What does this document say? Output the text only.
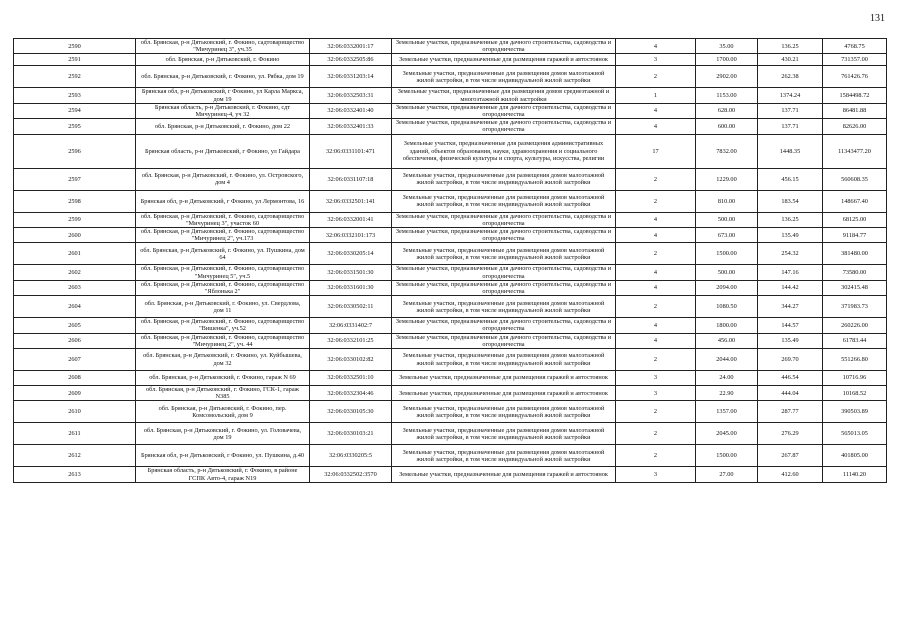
131
2590	обл. Брянская, р-н Дятьковский, г. Фокино, садтоварищество "Мичуринец 3", уч.35	32:06:0332001:17	Земельные участки, предназначенные для дачного строительства, садоводства и огородничества	4	35.00	136.25	4768.75
2591	обл. Брянская, р-н Дятьковский, г. Фокино	32:06:0332505:86	Земельные участки, предназначенные для размещения гаражей и автостоянок	3	1700.00	430.21	731357.00
2592	обл. Брянская, р-н Дятьковский, г. Фокино, ул. Рябка, дом 19	32:06:0331203:14	Земельные участки, предназначенные для размещения домов малоэтажной жилой застройки, в том числе индивидуальной жилой застройки	2	2902.00	262.38	761426.76
2593	Брянская обл, р-н Дятьковский, г Фокино, ул Карла Маркса, дом 19	32:06:0332503:31	Земельные участки, предназначенные для размещения домов среднеэтажной и многоэтажной жилой застройки	1	1153.00	1374.24	1584498.72
2594	Брянская область, р-н Дятьковский, г. Фокино, сдт Мичуринец-4, уч 32	32:06:0332401:40	Земельные участки, предназначенные для дачного строительства, садоводства и огородничества	4	628.00	137.71	86481.88
2595	обл. Брянская, р-н Дятьковский, г. Фокино, дом 22	32:06:0332401:33	Земельные участки, предназначенные для дачного строительства, садоводства и огородничества	4	600.00	137.71	82626.00
2596	Брянская область, р-н Дятьковский, г Фокино, ул Гайдара	32:06:0331101:471	Земельные участки, предназначенные для размещения административных зданий, объектов образования, науки, здравоохранения и социального обеспечения, физической культуры и спорта, культуры, искусства, религии	17	7832.00	1448.35	11343477.20
2597	обл. Брянская, р-н Дятьковский, г. Фокино, ул. Островского, дом 4	32:06:0331107:18	Земельные участки, предназначенные для размещения домов малоэтажной жилой застройки, в том числе индивидуальной жилой застройки	2	1229.00	456.15	560608.35
2598	Брянская обл, р-н Дятьковский, г Фокино, ул Лермонтова, 16	32:06:0332501:141	Земельные участки, предназначенные для размещения домов малоэтажной жилой застройки, в том числе индивидуальной жилой застройки	2	810.00	183.54	148667.40
2599	обл. Брянская, р-н Дятьковский, г. Фокино, садтоварищество "Мичуринец 3", участок 60	32:06:0332001:41	Земельные участки, предназначенные для дачного строительства, садоводства и огородничества	4	500.00	136.25	68125.00
2600	обл. Брянская, р-н Дятьковский, г. Фокино, садтоварищество "Мичуринец 2", уч.173	32:06:0332101:173	Земельные участки, предназначенные для дачного строительства, садоводства и огородничества	4	673.00	135.49	91184.77
2601	обл. Брянская, р-н Дятьковский, г. Фокино, ул. Пушкина, дом 64	32:06:0330205:14	Земельные участки, предназначенные для размещения домов малоэтажной жилой застройки, в том числе индивидуальной жилой застройки	2	1500.00	254.32	381480.00
2602	обл. Брянская, р-н Дятьковский, г. Фокино, садтоварищество "Мичуринец 5", уч.5	32:06:0331501:30	Земельные участки, предназначенные для дачного строительства, садоводства и огородничества	4	500.00	147.16	73580.00
2603	обл. Брянская, р-н Дятьковский, г. Фокино, садтоварищество "Яблонька 2"	32:06:0331601:30	Земельные участки, предназначенные для дачного строительства, садоводства и огородничества	4	2094.00	144.42	302415.48
2604	обл. Брянская, р-н Дятьковский, г. Фокино, ул. Свердлова, дом 11	32:06:0330502:11	Земельные участки, предназначенные для размещения домов малоэтажной жилой застройки, в том числе индивидуальной жилой застройки	2	1080.50	344.27	371983.73
2605	обл. Брянская, р-н Дятьковский, г. Фокино, садтоварищество "Вишенка", уч.52	32:06:0331402:7	Земельные участки, предназначенные для дачного строительства, садоводства и огородничества	4	1800.00	144.57	260226.00
2606	обл. Брянская, р-н Дятьковский, г. Фокино, садтоварищество "Мичуринец 2", уч. 44	32:06:0332101:25	Земельные участки, предназначенные для дачного строительства, садоводства и огородничества	4	456.00	135.49	61783.44
2607	обл. Брянская, р-н Дятьковский, г. Фокино, ул. Куйбышева, дом 32	32:06:0330102:82	Земельные участки, предназначенные для размещения домов малоэтажной жилой застройки, в том числе индивидуальной жилой застройки	2	2044.00	269.70	551266.80
2608	обл. Брянская, р-н Дятьковский, г. Фокино, гараж N 69	32:06:0332501:10	Земельные участки, предназначенные для размещения гаражей и автостоянок	3	24.00	446.54	10716.96
2609	обл. Брянская, р-н Дятьковский, г. Фокино, ГСК-1, гараж N385	32:06:0332304:46	Земельные участки, предназначенные для размещения гаражей и автостоянок	3	22.90	444.04	10168.52
2610	обл. Брянская, р-н Дятьковский, г. Фокино, пер. Комсомольский, дом 9	32:06:0330105:30	Земельные участки, предназначенные для размещения домов малоэтажной жилой застройки, в том числе индивидуальной жилой застройки	2	1357.00	287.77	390503.89
2611	обл. Брянская, р-н Дятьковский, г. Фокино, ул. Головачева, дом 19	32:06:0330103:21	Земельные участки, предназначенные для размещения домов малоэтажной жилой застройки, в том числе индивидуальной жилой застройки	2	2045.00	276.29	565013.05
2612	Брянская обл, р-н Дятьковский, г Фокино, ул. Пушкина, д.40	32:06:0330205:5	Земельные участки, предназначенные для размещения домов малоэтажной жилой застройки, в том числе индивидуальной жилой застройки	2	1500.00	267.87	401805.00
2613	Брянская область, р-н Дятьковский, г. Фокино, в районе ГСПК Авто-4, гараж N19	32:06:0332502:3570	Земельные участки, предназначенные для размещения гаражей и автостоянок	3	27.00	412.60	11140.20
